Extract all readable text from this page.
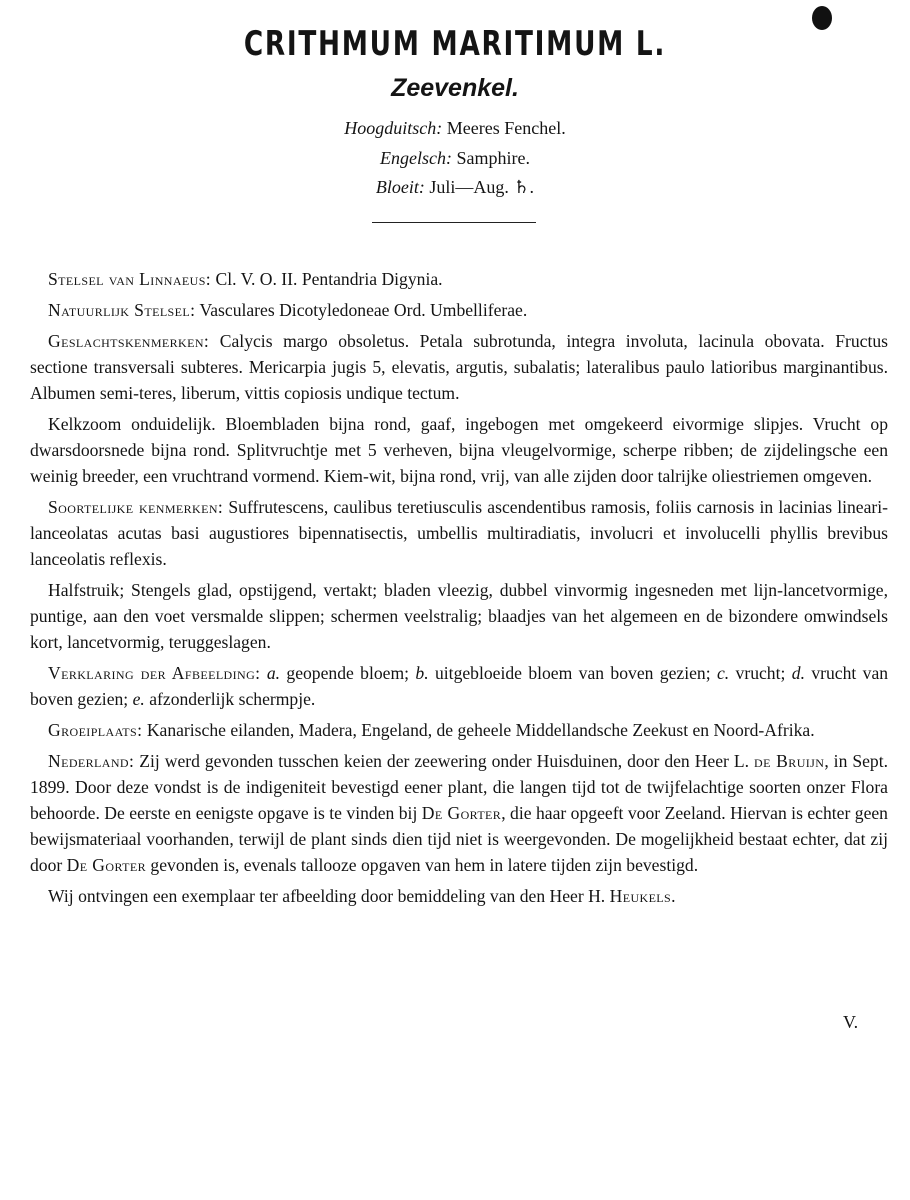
CRITHMUM MARITIMUM L.
Zeevenkel.
Hoogduitsch: Meeres Fenchel.
Engelsch: Samphire.
Bloeit: Juli—Aug. ♄.

Stelsel van Linnaeus: Cl. V. O. II. Pentandria Digynia.

Natuurlijk Stelsel: Vasculares Dicotyledoneae Ord. Umbelliferae.

Geslachtskenmerken: Calycis margo obsoletus. Petala subrotunda, integra involuta, lacinula obovata. Fructus sectione transversali subteres. Mericarpia jugis 5, elevatis, argutis, subalatis; lateralibus paulo latioribus marginantibus. Albumen semi-teres, liberum, vittis copiosis undique tectum.

Kelkzoom onduidelijk. Bloembladen bijna rond, gaaf, ingebogen met omgekeerd eivormige slipjes. Vrucht op dwarsdoorsnede bijna rond. Splitvruchtje met 5 verheven, bijna vleugelvormige, scherpe ribben; de zijdelingsche een weinig breeder, een vruchtrand vormend. Kiem-wit, bijna rond, vrij, van alle zijden door talrijke oliestriemen omgeven.

Soortelijke kenmerken: Suffrutescens, caulibus teretiusculis ascendentibus ramosis, foliis carnosis in lacinias lineari-lanceolatas acutas basi augustiores bipennatisectis, umbellis multiradiatis, involucri et involucelli phyllis brevibus lanceolatis reflexis.

Halfstruik; Stengels glad, opstijgend, vertakt; bladen vleezig, dubbel vinvormig ingesneden met lijn-lancetvormige, puntige, aan den voet versmalde slippen; schermen veelstralig; blaadjes van het algemeen en de bizondere omwindsels kort, lancetvormig, teruggeslagen.

Verklaring der Afbeelding: a. geopende bloem; b. uitgebloeide bloem van boven gezien; c. vrucht; d. vrucht van boven gezien; e. afzonderlijk schermpje.

Groeiplaats: Kanarische eilanden, Madera, Engeland, de geheele Middellandsche Zeekust en Noord-Afrika.

Nederland: Zij werd gevonden tusschen keien der zeewering onder Huisduinen, door den Heer L. de Bruijn, in Sept. 1899. Door deze vondst is de indigeniteit bevestigd eener plant, die langen tijd tot de twijfelachtige soorten onzer Flora behoorde. De eerste en eenigste opgave is te vinden bij De Gorter, die haar opgeeft voor Zeeland. Hiervan is echter geen bewijsmateriaal voorhanden, terwijl de plant sinds dien tijd niet is weergevonden. De mogelijkheid bestaat echter, dat zij door De Gorter gevonden is, evenals tallooze opgaven van hem in latere tijden zijn bevestigd.

Wij ontvingen een exemplaar ter afbeelding door bemiddeling van den Heer H. Heukels.

V.
